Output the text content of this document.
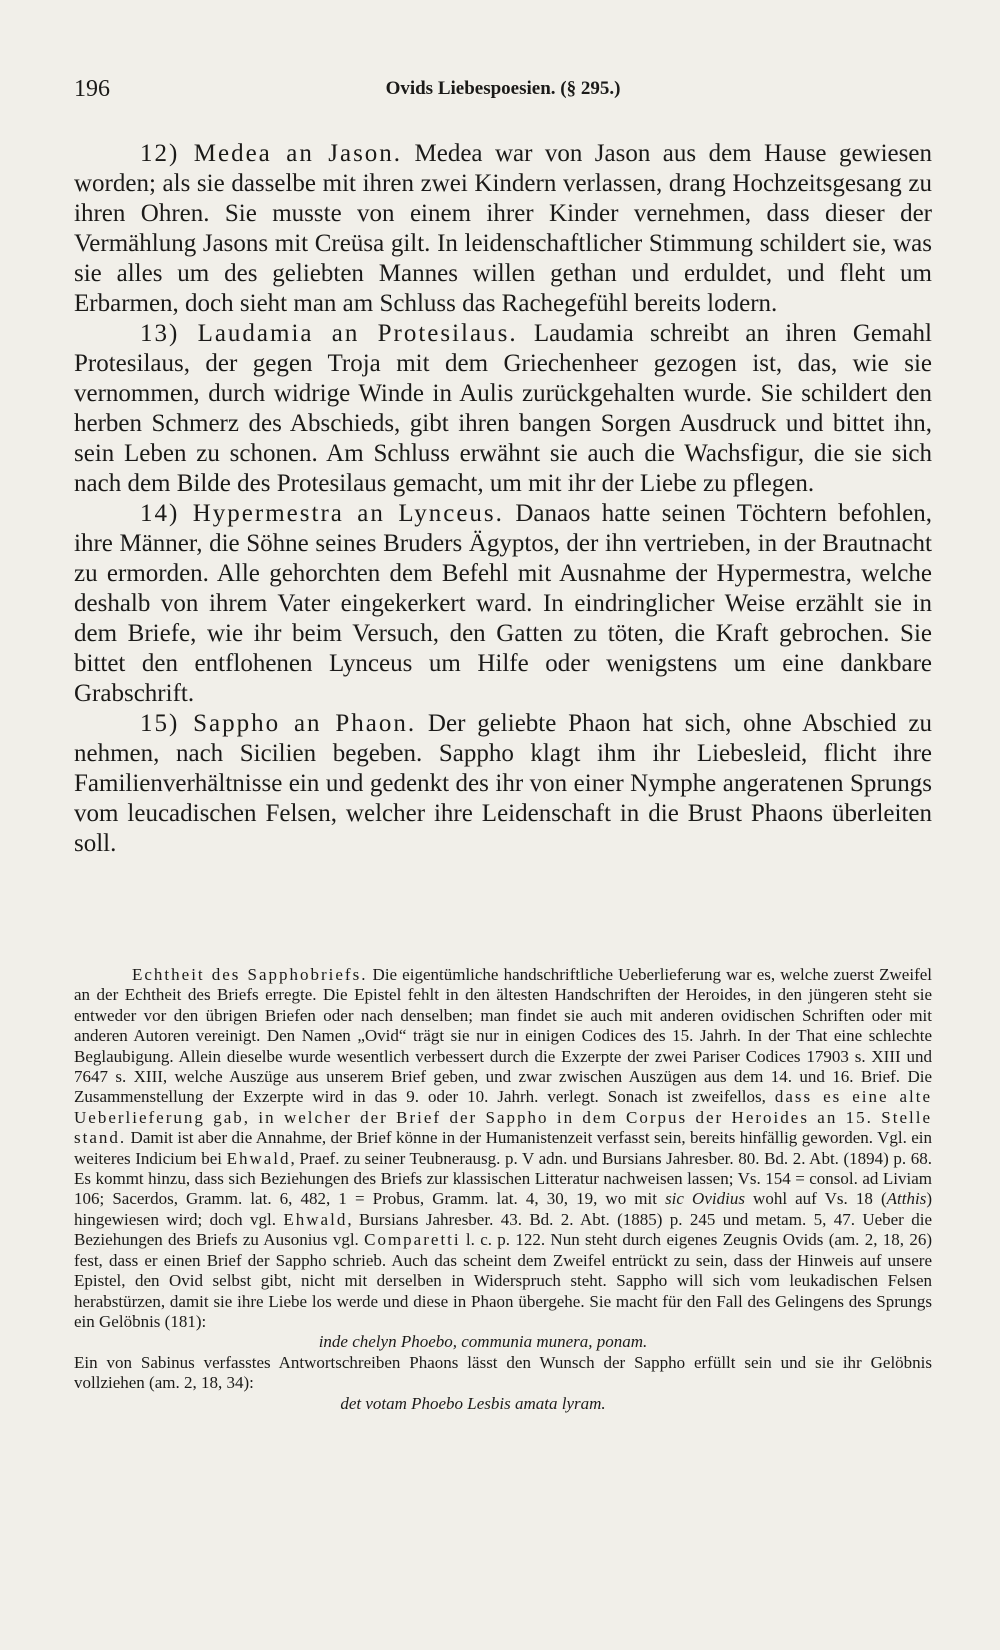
196	Ovids Liebespoesien. (§ 295.)

12) Medea an Jason. Medea war von Jason aus dem Hause gewiesen worden; als sie dasselbe mit ihren zwei Kindern verlassen, drang Hochzeitsgesang zu ihren Ohren. Sie musste von einem ihrer Kinder vernehmen, dass dieser der Vermählung Jasons mit Creüsa gilt. In leidenschaftlicher Stimmung schildert sie, was sie alles um des geliebten Mannes willen gethan und erduldet, und fleht um Erbarmen, doch sieht man am Schluss das Rachegefühl bereits lodern.

13) Laudamia an Protesilaus. Laudamia schreibt an ihren Gemahl Protesilaus, der gegen Troja mit dem Griechenheer gezogen ist, das, wie sie vernommen, durch widrige Winde in Aulis zurückgehalten wurde. Sie schildert den herben Schmerz des Abschieds, gibt ihren bangen Sorgen Ausdruck und bittet ihn, sein Leben zu schonen. Am Schluss erwähnt sie auch die Wachsfigur, die sie sich nach dem Bilde des Protesilaus gemacht, um mit ihr der Liebe zu pflegen.

14) Hypermestra an Lynceus. Danaos hatte seinen Töchtern befohlen, ihre Männer, die Söhne seines Bruders Ägyptos, der ihn vertrieben, in der Brautnacht zu ermorden. Alle gehorchten dem Befehl mit Ausnahme der Hypermestra, welche deshalb von ihrem Vater eingekerkert ward. In eindringlicher Weise erzählt sie in dem Briefe, wie ihr beim Versuch, den Gatten zu töten, die Kraft gebrochen. Sie bittet den entflohenen Lynceus um Hilfe oder wenigstens um eine dankbare Grabschrift.

15) Sappho an Phaon. Der geliebte Phaon hat sich, ohne Abschied zu nehmen, nach Sicilien begeben. Sappho klagt ihm ihr Liebesleid, flicht ihre Familienverhältnisse ein und gedenkt des ihr von einer Nymphe angeratenen Sprungs vom leucadischen Felsen, welcher ihre Leidenschaft in die Brust Phaons überleiten soll.

Echtheit des Sapphobriefs. Die eigentümliche handschriftliche Ueberlieferung war es, welche zuerst Zweifel an der Echtheit des Briefs erregte. Die Epistel fehlt in den ältesten Handschriften der Heroides, in den jüngeren steht sie entweder vor den übrigen Briefen oder nach denselben; man findet sie auch mit anderen ovidischen Schriften oder mit anderen Autoren vereinigt. Den Namen „Ovid“ trägt sie nur in einigen Codices des 15. Jahrh. In der That eine schlechte Beglaubigung. Allein dieselbe wurde wesentlich verbessert durch die Exzerpte der zwei Pariser Codices 17903 s. XIII und 7647 s. XIII, welche Auszüge aus unserem Brief geben, und zwar zwischen Auszügen aus dem 14. und 16. Brief. Die Zusammenstellung der Exzerpte wird in das 9. oder 10. Jahrh. verlegt. Sonach ist zweifellos, dass es eine alte Ueberlieferung gab, in welcher der Brief der Sappho in dem Corpus der Heroides an 15. Stelle stand. Damit ist aber die Annahme, der Brief könne in der Humanistenzeit verfasst sein, bereits hinfällig geworden. Vgl. ein weiteres Indicium bei Ehwald, Praef. zu seiner Teubnerausg. p. V adn. und Bursians Jahresber. 80. Bd. 2. Abt. (1894) p. 68. Es kommt hinzu, dass sich Beziehungen des Briefs zur klassischen Litteratur nachweisen lassen; Vs. 154 = consol. ad Liviam 106; Sacerdos, Gramm. lat. 6, 482, 1 = Probus, Gramm. lat. 4, 30, 19, wo mit sic Ovidius wohl auf Vs. 18 (Atthis) hingewiesen wird; doch vgl. Ehwald, Bursians Jahresber. 43. Bd. 2. Abt. (1885) p. 245 und metam. 5, 47. Ueber die Beziehungen des Briefs zu Ausonius vgl. Comparetti l. c. p. 122. Nun steht durch eigenes Zeugnis Ovids (am. 2, 18, 26) fest, dass er einen Brief der Sappho schrieb. Auch das scheint dem Zweifel entrückt zu sein, dass der Hinweis auf unsere Epistel, den Ovid selbst gibt, nicht mit derselben in Widerspruch steht. Sappho will sich vom leukadischen Felsen herabstürzen, damit sie ihre Liebe los werde und diese in Phaon übergehe. Sie macht für den Fall des Gelingens des Sprungs ein Gelöbnis (181):

inde chelyn Phoebo, communia munera, ponam.

Ein von Sabinus verfasstes Antwortschreiben Phaons lässt den Wunsch der Sappho erfüllt sein und sie ihr Gelöbnis vollziehen (am. 2, 18, 34):

det votam Phoebo Lesbis amata lyram.
